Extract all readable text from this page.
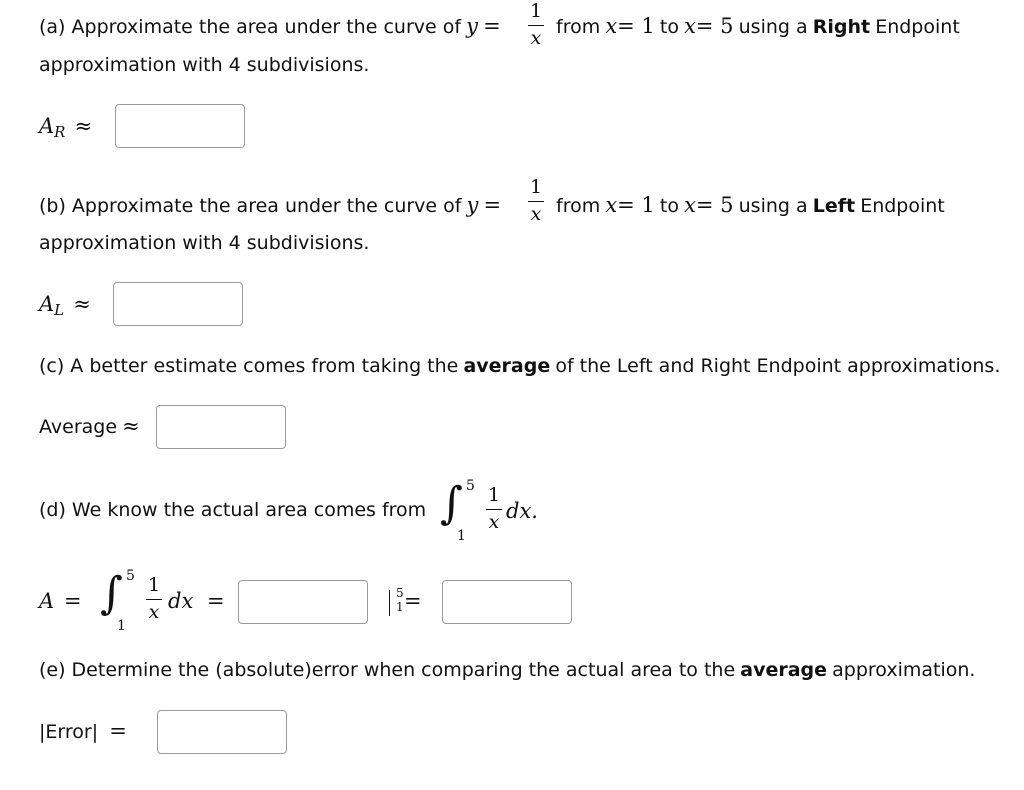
(a) Approximate the area under the curve of y =
1
x from x= 1 to x= 5 using a Right Endpoint
approximation with 4 subdivisions.
$A_R$ ≈
(b) Approximate the area under the curve of y =
1
x from x= 1 to x= 5 using a Left Endpoint
approximation with 4 subdivisions.
$A_L$ ≈
(c) A better estimate comes from taking the average of the Left and Right Endpoint approximations.
Average ≈
(d) We know the actual area comes from ∫ 5
1
1
x dx.
A = ∫ 5
1
1
x dx =	5
1 =
(e) Determine the (absolute)error when comparing the actual area to the average approximation.
|Error| =
